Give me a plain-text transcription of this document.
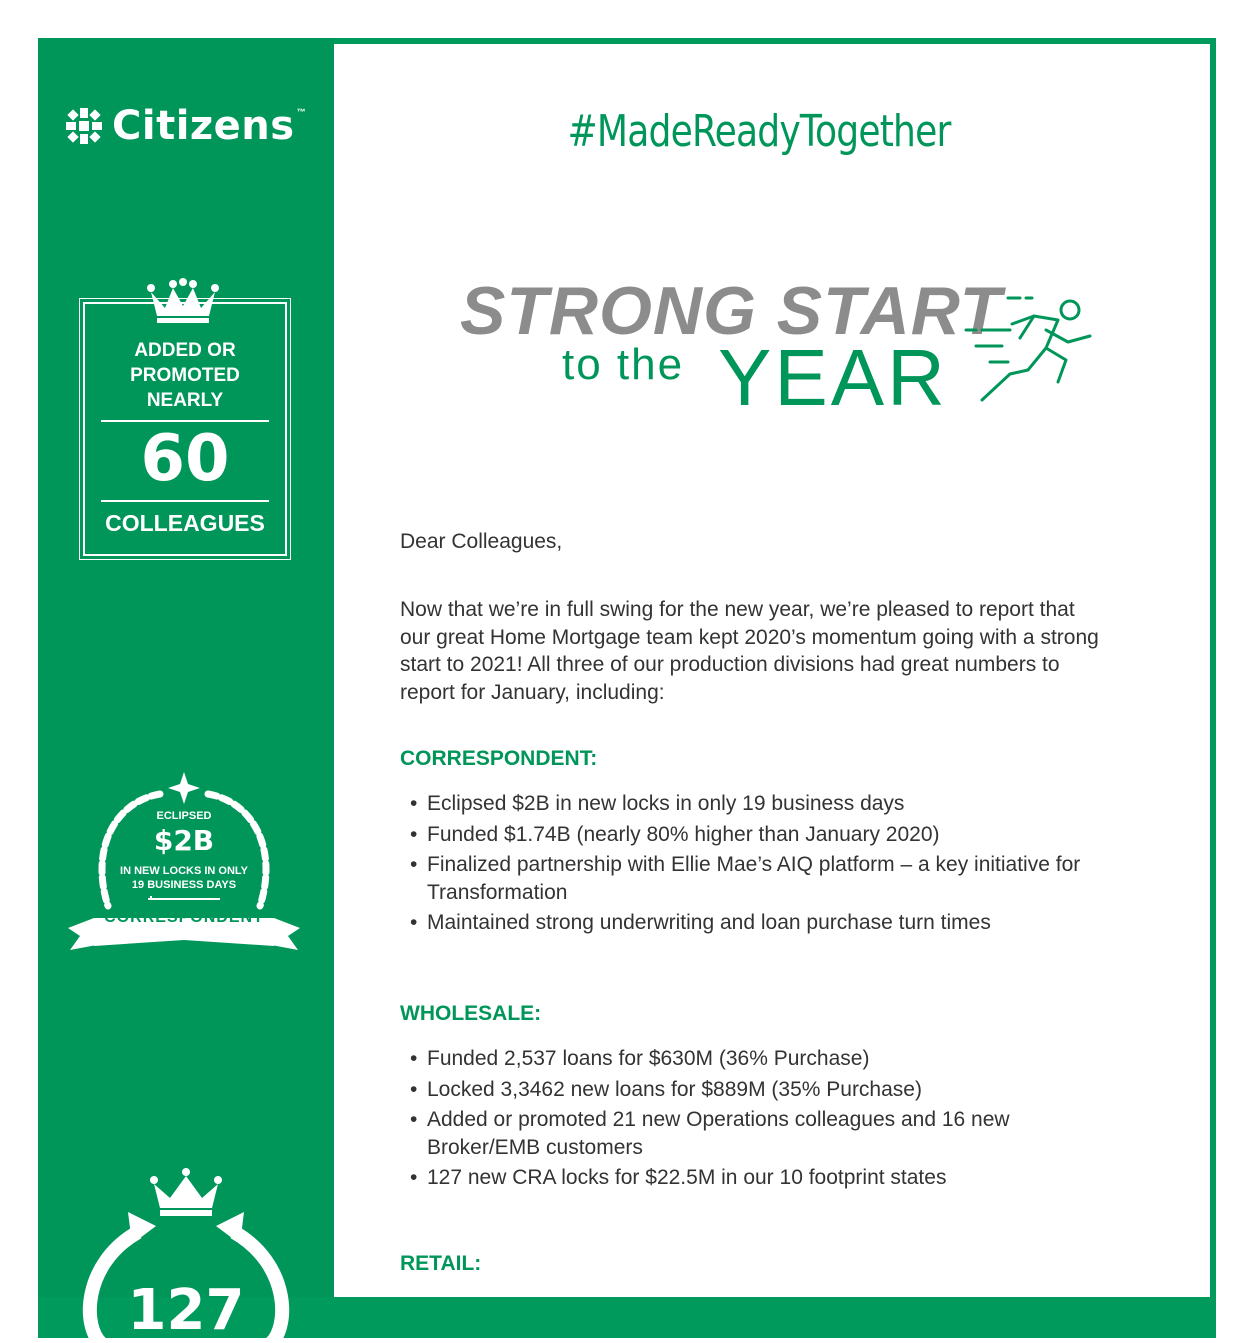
Citizens ™
ADDED OR
PROMOTED
NEARLY
60
COLLEAGUES
ECLIPSED
$2B
IN NEW LOCKS IN ONLY
19 BUSINESS DAYS
CORRESPONDENT
127
#MadeReadyTogether
STRONG START
to the YEAR
Dear Colleagues,
Now that we’re in full swing for the new year, we’re pleased to report that
our great Home Mortgage team kept 2020’s momentum going with a strong
start to 2021! All three of our production divisions had great numbers to
report for January, including:
CORRESPONDENT:
• Eclipsed $2B in new locks in only 19 business days
• Funded $1.74B (nearly 80% higher than January 2020)
• Finalized partnership with Ellie Mae’s AIQ platform – a key initiative for Transformation
• Maintained strong underwriting and loan purchase turn times
WHOLESALE:
• Funded 2,537 loans for $630M (36% Purchase)
• Locked 3,3462 new loans for $889M (35% Purchase)
• Added or promoted 21 new Operations colleagues and 16 new Broker/EMB customers
• 127 new CRA locks for $22.5M in our 10 footprint states
RETAIL:
